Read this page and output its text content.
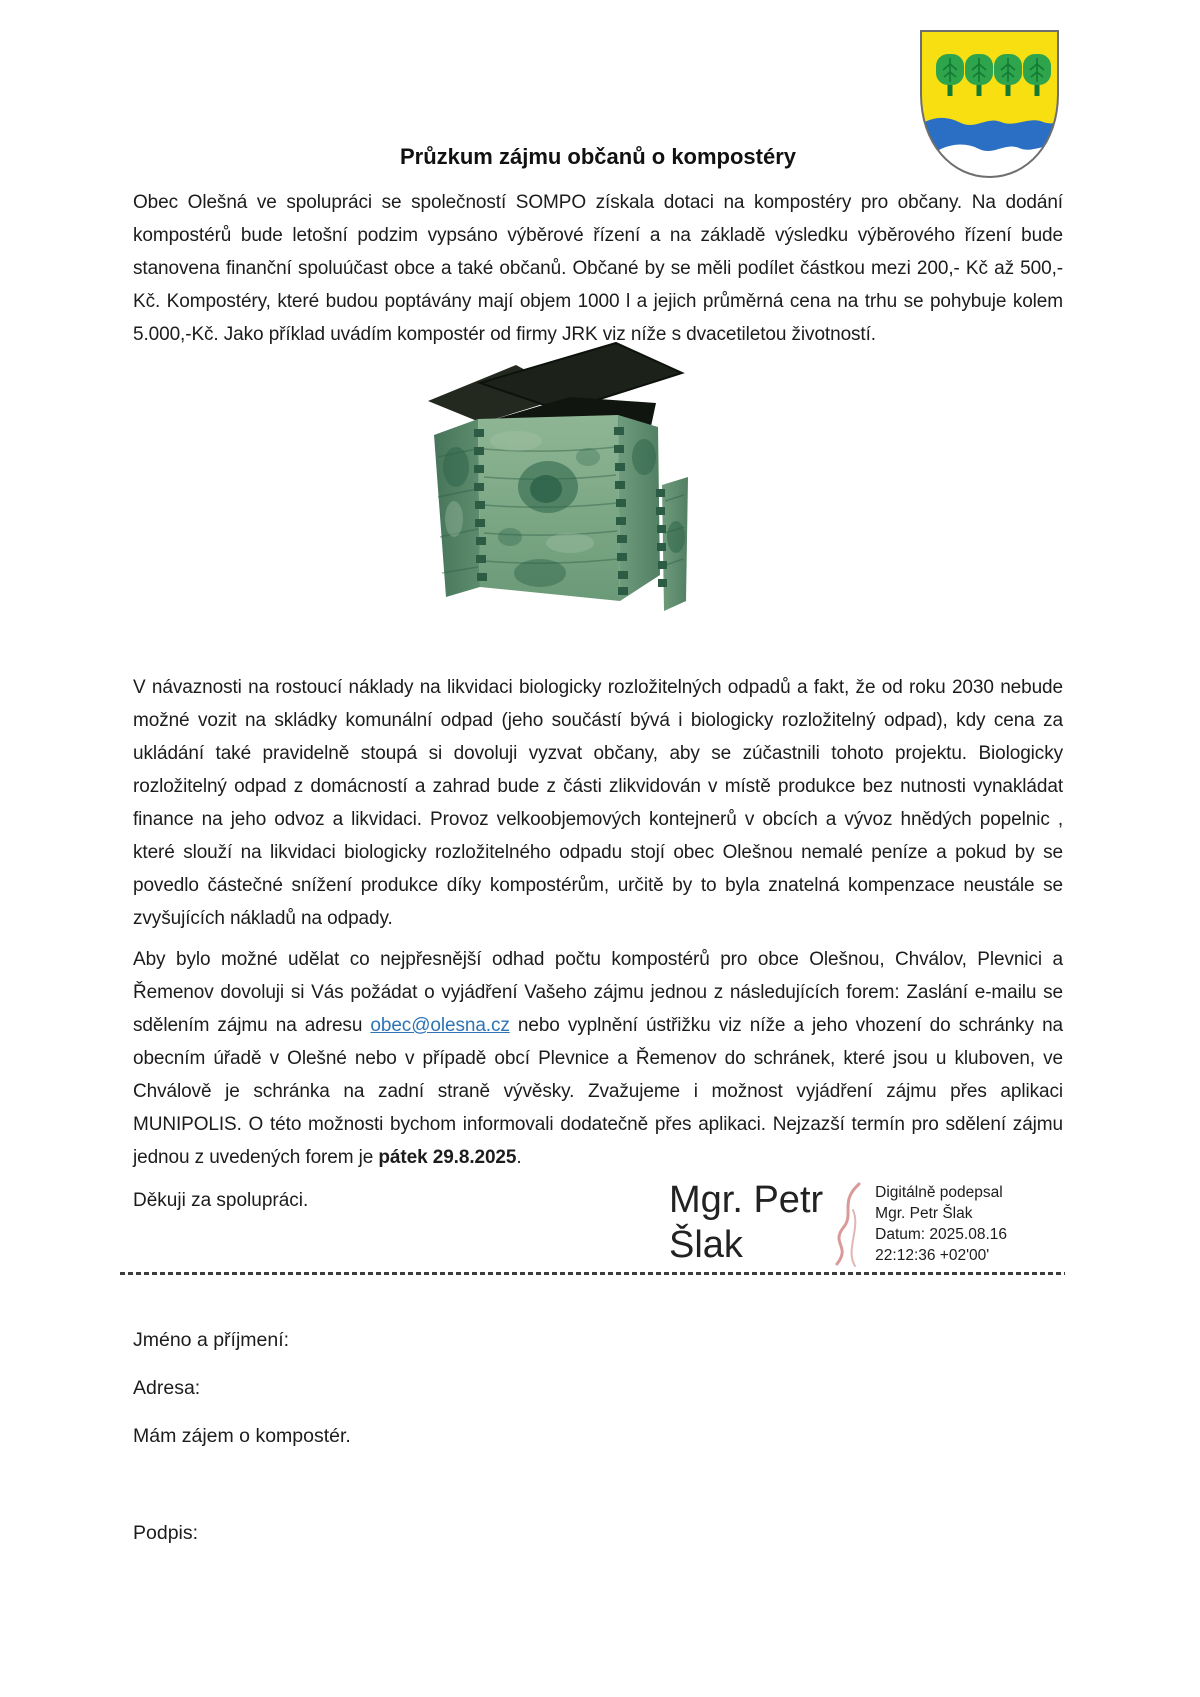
Průzkum zájmu občanů o kompostéry

Obec Olešná ve spolupráci se společností SOMPO získala dotaci na kompostéry pro občany. Na dodání kompostérů bude letošní podzim vypsáno výběrové řízení a na základě výsledku výběrového řízení bude stanovena finanční spoluúčast obce a také občanů. Občané by se měli podílet částkou mezi 200,- Kč až 500,-Kč. Kompostéry, které budou poptávány mají objem 1000 l a jejich průměrná cena na trhu se pohybuje kolem 5.000,-Kč. Jako příklad uvádím kompostér od firmy JRK viz níže s dvacetiletou životností.

V návaznosti na rostoucí náklady na likvidaci biologicky rozložitelných odpadů a fakt, že od roku 2030 nebude možné vozit na skládky komunální odpad (jeho součástí bývá i biologicky rozložitelný odpad), kdy cena za ukládání také pravidelně stoupá si dovoluji vyzvat občany, aby se zúčastnili tohoto projektu. Biologicky rozložitelný odpad z domácností a zahrad bude z části zlikvidován v místě produkce bez nutnosti vynakládat finance na jeho odvoz a likvidaci. Provoz velkoobjemových kontejnerů v obcích a vývoz hnědých popelnic , které slouží na likvidaci biologicky rozložitelného odpadu stojí obec Olešnou nemalé peníze a pokud by se povedlo částečné snížení produkce díky kompostérům, určitě by to byla znatelná kompenzace neustále se zvyšujících nákladů na odpady.

Aby bylo možné udělat co nejpřesnější odhad počtu kompostérů pro obce Olešnou, Chválov, Plevnici a Řemenov dovoluji si Vás požádat o vyjádření Vašeho zájmu jednou z následujících forem: Zaslání e-mailu se sdělením zájmu na adresu obec@olesna.cz nebo vyplnění ústřižku viz níže a jeho vhození do schránky na obecním úřadě v Olešné nebo v případě obcí Plevnice a Řemenov do schránek, které jsou u kluboven, ve Chválově je schránka na zadní straně vývěsky. Zvažujeme i možnost vyjádření zájmu přes aplikaci MUNIPOLIS. O této možnosti bychom informovali dodatečně přes aplikaci. Nejzazší termín pro sdělení zájmu jednou z uvedených forem je pátek 29.8.2025.

Děkuji za spolupráci.	Mgr. Petr
Šlak
Digitálně podepsal
Mgr. Petr Šlak
Datum: 2025.08.16
22:12:36 +02'00'

Jméno a příjmení:

Adresa:

Mám zájem o kompostér.

Podpis:
